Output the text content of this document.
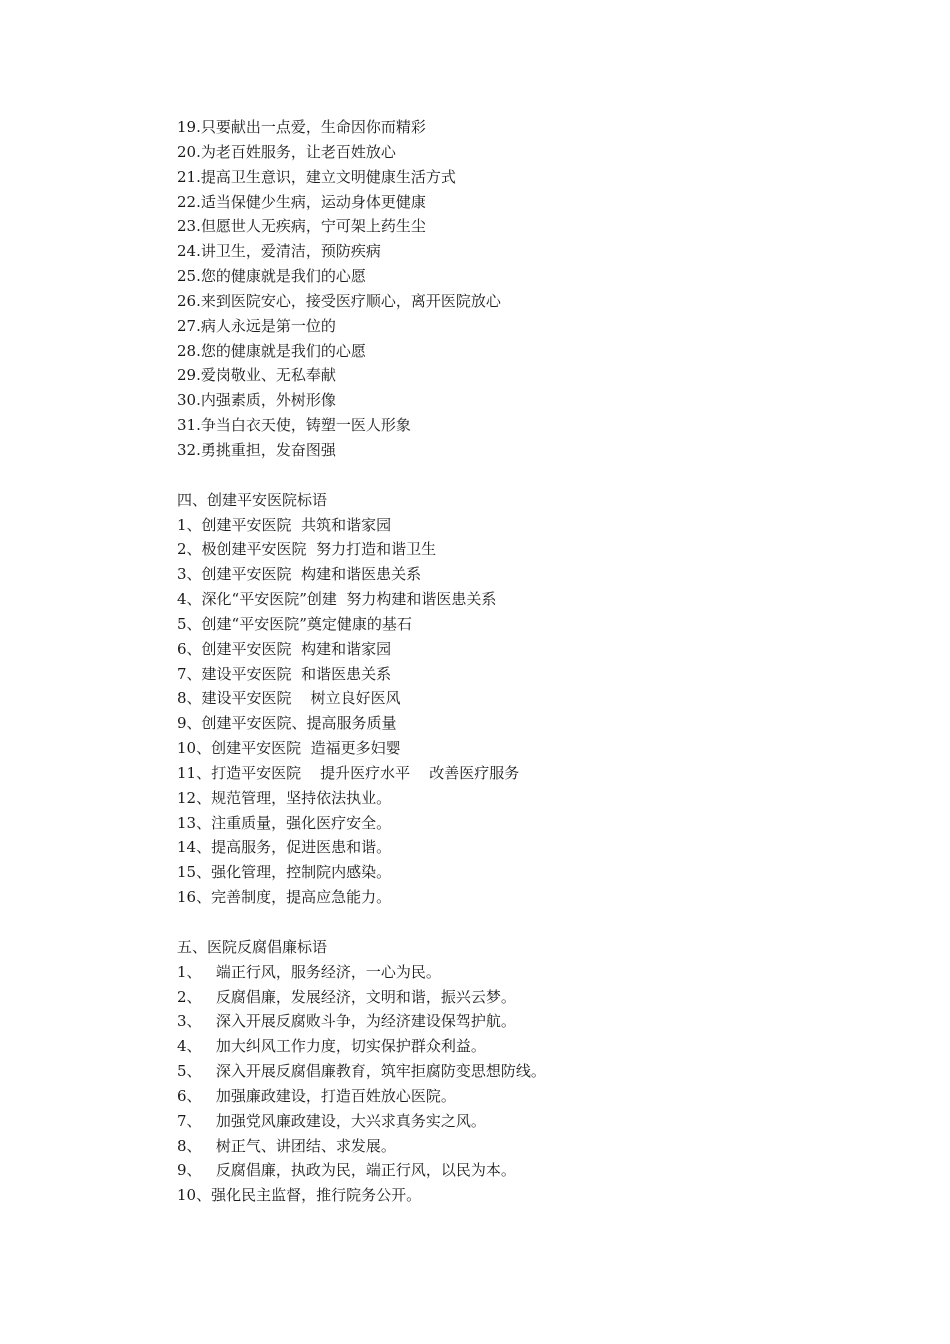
19.只要献出一点爱，生命因你而精彩
20.为老百姓服务，让老百姓放心
21.提高卫生意识，建立文明健康生活方式
22.适当保健少生病，运动身体更健康
23.但愿世人无疾病，宁可架上药生尘
24.讲卫生，爱清洁，预防疾病
25.您的健康就是我们的心愿
26.来到医院安心，接受医疗顺心，离开医院放心
27.病人永远是第一位的
28.您的健康就是我们的心愿
29.爱岗敬业、无私奉献
30.内强素质，外树形像
31.争当白衣天使，铸塑一医人形象
32.勇挑重担，发奋图强
四、创建平安医院标语
1、创建平安医院  共筑和谐家园
2、极创建平安医院  努力打造和谐卫生
3、创建平安医院  构建和谐医患关系
4、深化“平安医院”创建  努力构建和谐医患关系
5、创建“平安医院”奠定健康的基石
6、创建平安医院  构建和谐家园
7、建设平安医院  和谐医患关系
8、建设平安医院    树立良好医风
9、创建平安医院、提高服务质量
10、创建平安医院  造福更多妇婴
11、打造平安医院    提升医疗水平    改善医疗服务
12、规范管理，坚持依法执业。
13、注重质量，强化医疗安全。
14、提高服务，促进医患和谐。
15、强化管理，控制院内感染。
16、完善制度，提高应急能力。
五、医院反腐倡廉标语
1、   端正行风，服务经济，一心为民。
2、   反腐倡廉，发展经济，文明和谐，振兴云梦。
3、   深入开展反腐败斗争，为经济建设保驾护航。
4、   加大纠风工作力度，切实保护群众利益。
5、   深入开展反腐倡廉教育，筑牢拒腐防变思想防线。
6、   加强廉政建设，打造百姓放心医院。
7、   加强党风廉政建设，大兴求真务实之风。
8、   树正气、讲团结、求发展。
9、   反腐倡廉，执政为民，端正行风，以民为本。
10、强化民主监督，推行院务公开。
